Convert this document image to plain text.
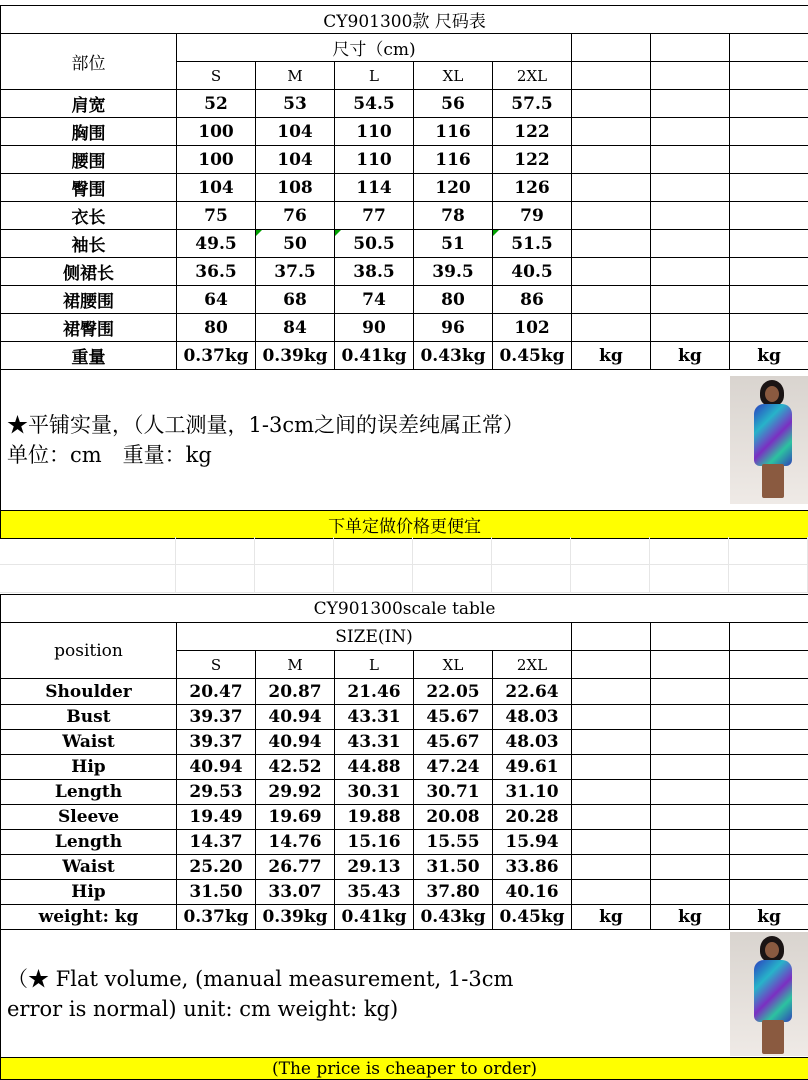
CY901300款 尺码表								
部位	尺寸（cm)							
	S	M	L	XL	2XL			
肩宽	52	53	54.5	56	57.5			
胸围	100	104	110	116	122			
腰围	100	104	110	116	122			
臀围	104	108	114	120	126			
衣长	75	76	77	78	79			
袖长	49.5	50	50.5	51	51.5			
侧裙长	36.5	37.5	38.5	39.5	40.5			
裙腰围	64	68	74	80	86			
裙臀围	80	84	90	96	102			
重量	0.37kg	0.39kg	0.41kg	0.43kg	0.45kg	kg	kg	kg

★平铺实量，（人工测量，1-3cm之间的误差纯属正常）
单位：cm　重量：kg								

下单定做价格更便宜								
CY901300scale table								
position	SIZE(IN)							
	S	M	L	XL	2XL			
Shoulder	20.47	20.87	21.46	22.05	22.64			
Bust	39.37	40.94	43.31	45.67	48.03			
Waist	39.37	40.94	43.31	45.67	48.03			
Hip	40.94	42.52	44.88	47.24	49.61			
Length	29.53	29.92	30.31	30.71	31.10			
Sleeve	19.49	19.69	19.88	20.08	20.28			
Length	14.37	14.76	15.16	15.55	15.94			
Waist	25.20	26.77	29.13	31.50	33.86			
Hip	31.50	33.07	35.43	37.80	40.16			
weight: kg	0.37kg	0.39kg	0.41kg	0.43kg	0.45kg	kg	kg	kg

（★ Flat volume, (manual measurement, 1-3cm
error is normal) unit: cm weight: kg)								

(The price is cheaper to order)								
